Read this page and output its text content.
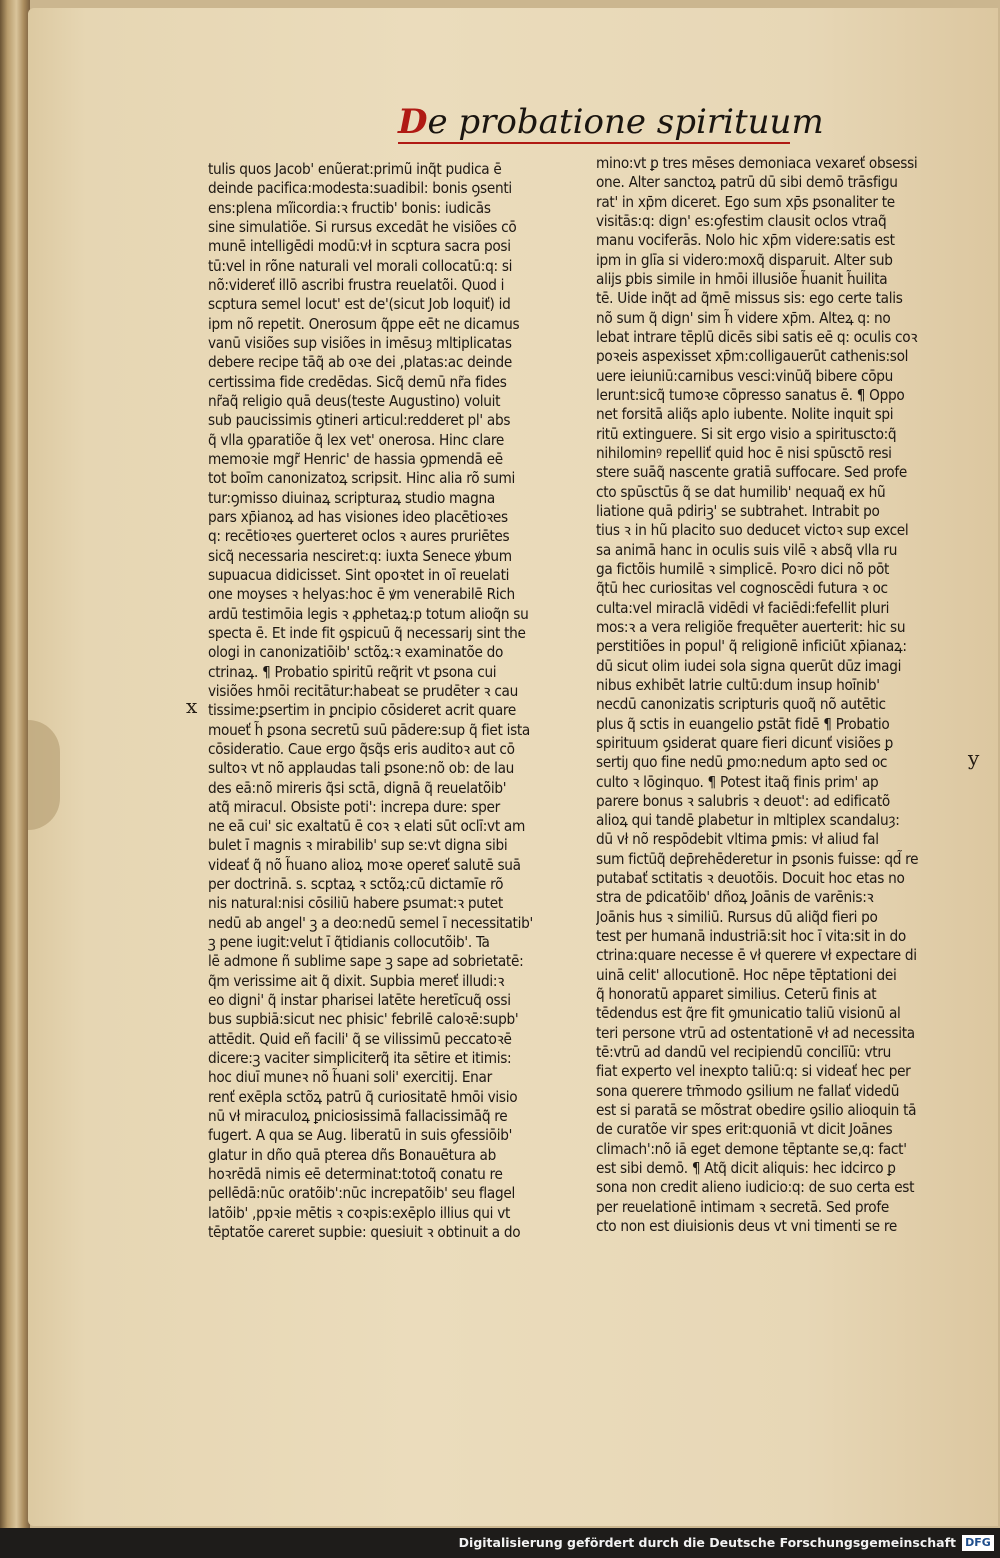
De probatione spirituum
x
y
tulis quos Jacob' enũerat:primũ inq̃t pudica ē
deinde pacifica:modesta:suadibil: bonis ꝯsenti
ens:plena mĩicordia:ꝛ fructib' bonis: iudicās
sine simulatiõe. Si rursus excedāt he visiões cō
munē intelligēdi modū:vł in scptura sacra posi
tū:vel in rõne naturali vel morali collocatū:q: si
nõ:videreť illō ascribi frustra reuelatõi. Quod i
scptura semel locut' est de'(sicut Job loquiť) id
ipm nõ repetit. Onerosum q̃ppe eēt ne dicamus
vanū visiões sup visiões in imēsuȝ mltiplicatas
debere recipe tāq̃ ab oꝛe dei ,platas:ac deinde
certissima fide credēdas. Sicq̃ demū nr̃a fides
nr̃aq̃ religio quā deus(teste Augustino) voluit
sub paucissimis ꝯtineri articul:redderet pl' abs
q̃ vlla ꝯparatiõe q̃ lex vet' onerosa. Hinc clare
memoꝛie mgr̃ Henric' de hassia ꝯpmendā eē
tot boīm canonizatoꝝ scripsit. Hinc alia rõ sumi
tur:ꝯmisso diuinaꝝ scripturaꝝ studio magna
pars xp̄ianoꝝ ad has visiones ideo placētioꝛes
q: recētioꝛes ꝯuerteret oclos ꝛ aures pruriētes
sicq̃ necessaria nesciret:q: iuxta Senece ꝟbum
supuacua didicisset. Sint opoꝛtet in oī reuelati
one moyses ꝛ helyas:hoc ē ꝟm venerabilē Rich
ardū testimōia legis ꝛ ꝓphetaꝝ:p totum alioq̃n su
specta ē. Et inde fit ꝯspicuū q̃ necessariȷ sint the
ologi in canonizatiōib' sctõꝝ:ꝛ examinatõe do
ctrinaꝝ. ¶ Probatio spiritū req̃rit vt ꝑsona cui
visiões hmōi recitātur:habeat se prudēter ꝛ cau
tissime:ꝑsertim in ꝑncipio cōsideret acrit quare
moueť h̃ ꝑsona secretū suū pādere:sup q̃ fiet ista
cōsideratio. Caue ergo q̃sq̃s eris auditoꝛ aut cō
sultoꝛ vt nõ applaudas tali ꝑsone:nõ ob: de lau
des eā:nõ mireris q̃si sctā, dignā q̃ reuelatõib'
atq̃ miracul. Obsiste poti': increpa dure: sper
ne eā cui' sic exaltatū ē coꝛ ꝛ elati sūt oclī:vt am
bulet ī magnis ꝛ mirabilib' sup se:vt digna sibi
videať q̃ nõ h̃uano alioꝝ moꝛe opereť salutē suā
per doctrinā. s. scptaꝝ ꝛ sctõꝝ:cū dictamīe rõ
nis natural:nisi cōsiliū habere ꝑsumat:ꝛ putet
nedū ab angel' ꝫ a deo:nedū semel ī necessitatib'
ꝫ pene iugit:velut ī q̃tidianis collocutõib'. Ta
lē admone ñ sublime sape ꝫ sape ad sobrietatē:
q̃m verissime ait q̃ dixit. Supbia mereť illudi:ꝛ
eo digni' q̃ instar pharisei latēte heretīcuq̃ ossi
bus supbiā:sicut nec phisic' febrilē caloꝛē:supb'
attēdit. Quid eñ facili' q̃ se vilissimū peccatoꝛē
dicere:ꝫ vaciter simpliciterq̃ ita sētire et itimis:
hoc diuī muneꝛ nõ h̃uani soli' exercitij. Enar
renť exēpla sctõꝝ patrū q̃ curiositatē hmōi visio
nū vł miraculoꝝ ꝑniciosissimā fallacissimāq̃ re
fugert. A qua se Aug. liberatū in suis ꝯfessiōib'
glatur in dño quā pterea dñs Bonauētura ab
hoꝛrēdā nimis eē determinat:totoq̃ conatu re
pellēdā:nūc oratõib':nūc increpatõib' seu flagel
latõib' ,ppꝛie mētis ꝛ coꝛpis:exēplo illius qui vt
tēptatõe careret supbie: quesiuit ꝛ obtinuit a do
mino:vt ꝑ tres mēses demoniaca vexareť obsessi
one. Alter sanctoꝝ patrū dū sibi demō trāsfigu
rat' in xp̄m diceret. Ego sum xp̄s ꝑsonaliter te
visitās:q: dign' es:ꝯfestim clausit oclos vtraq̃
manu vociferās. Nolo hic xp̄m videre:satis est
ipm in glīa si videro:moxq̃ disparuit. Alter sub
alijs ꝑbis simile in hmōi illusiõe h̃uanit h̃uilita
tē. Uide inq̃t ad q̃mē missus sis: ego certe talis
nõ sum q̃ dign' sim h̃ videre xp̄m. Alteꝝ q: no
lebat intrare tēplū dicēs sibi satis eē q: oculis coꝛ
poꝛeis aspexisset xp̄m:colligauerūt cathenis:sol
uere ieiuniū:carnibus vesci:vinūq̃ bibere cōpu
lerunt:sicq̃ tumoꝛe cōpresso sanatus ē. ¶ Oppo
net forsitā aliq̃s aplo iubente. Nolite inquit spi
ritū extinguere. Si sit ergo visio a spirituscto:q̃
nihilominꝰ repelliť quid hoc ē nisi spūsctō resi
stere suāq̃ nascente gratiā suffocare. Sed profe
cto spūsctūs q̃ se dat humilib' nequaq̃ ex hũ
liatione quā pdiriꝫ' se subtrahet. Intrabit po
tius ꝛ in hũ placito suo deducet victoꝛ sup excel
sa animā hanc in oculis suis vilē ꝛ absq̃ vlla ru
ga fictõis humilē ꝛ simplicē. Poꝛro dici nõ pōt
q̃tū hec curiositas vel cognoscēdi futura ꝛ oc
culta:vel miraclā vidēdi vł faciēdi:fefellit pluri
mos:ꝛ a vera religiõe frequēter auerterit: hic su
perstitiões in popul' q̃ religionē inficiūt xp̄ianaꝝ:
dū sicut olim iudei sola signa querūt dūz imagi
nibus exhibēt latrie cultū:dum insup hoīnib'
necdū canonizatis scripturis quoq̃ nõ autētic
plus q̃ sctis in euangelio ꝑstāt fidē ¶ Probatio
spirituum ꝯsiderat quare fieri dicunť visiões ꝑ
sertiȷ quo fine nedū ꝑmo:nedum apto sed oc
culto ꝛ lōginquo. ¶ Potest itaq̃ finis prim' ap
parere bonus ꝛ salubris ꝛ deuot': ad edificatõ
alioꝝ qui tandē ꝑlabetur in mltiplex scandaluȝ:
dū vł nõ respōdebit vltima ꝑmis: vł aliud fal
sum fictūq̃ dep̄rehēderetur in ꝑsonis fuisse: qd̃ re
putabať sctitatis ꝛ deuotõis. Docuit hoc etas no
stra de ꝑdicatõib' dñoꝝ Joānis de varēnis:ꝛ
Joānis hus ꝛ similiū. Rursus dū aliq̃d fieri po
test per humanā industriā:sit hoc ī vita:sit in do
ctrina:quare necesse ē vł querere vł expectare di
uinā celit' allocutionē. Hoc nēpe tēptationi dei
q̃ honoratū apparet similius. Ceterū finis at
tēdendus est q̃re fit ꝯmunicatio taliū visionū al
teri persone vtrū ad ostentationē vł ad necessita
tē:vtrū ad dandū vel recipiendū concilīū: vtru
fiat experto vel inexpto taliū:q: si videať hec per
sona querere tm̄modo ꝯsilium ne fallať videdū
est si paratā se mõstrat obedire ꝯsilio alioquin tā
de curatõe vir spes erit:quoniā vt dicit Joānes
climach':nõ iā eget demone tēptante se,q: fact'
est sibi demō. ¶ Atq̃ dicit aliquis: hec idcirco ꝑ
sona non credit alieno iudicio:q: de suo certa est
per reuelationē intimam ꝛ secretā. Sed profe
cto non est diuisionis deus vt vni timenti se re
Digitalisierung gefördert durch die Deutsche Forschungsgemeinschaft DFG
